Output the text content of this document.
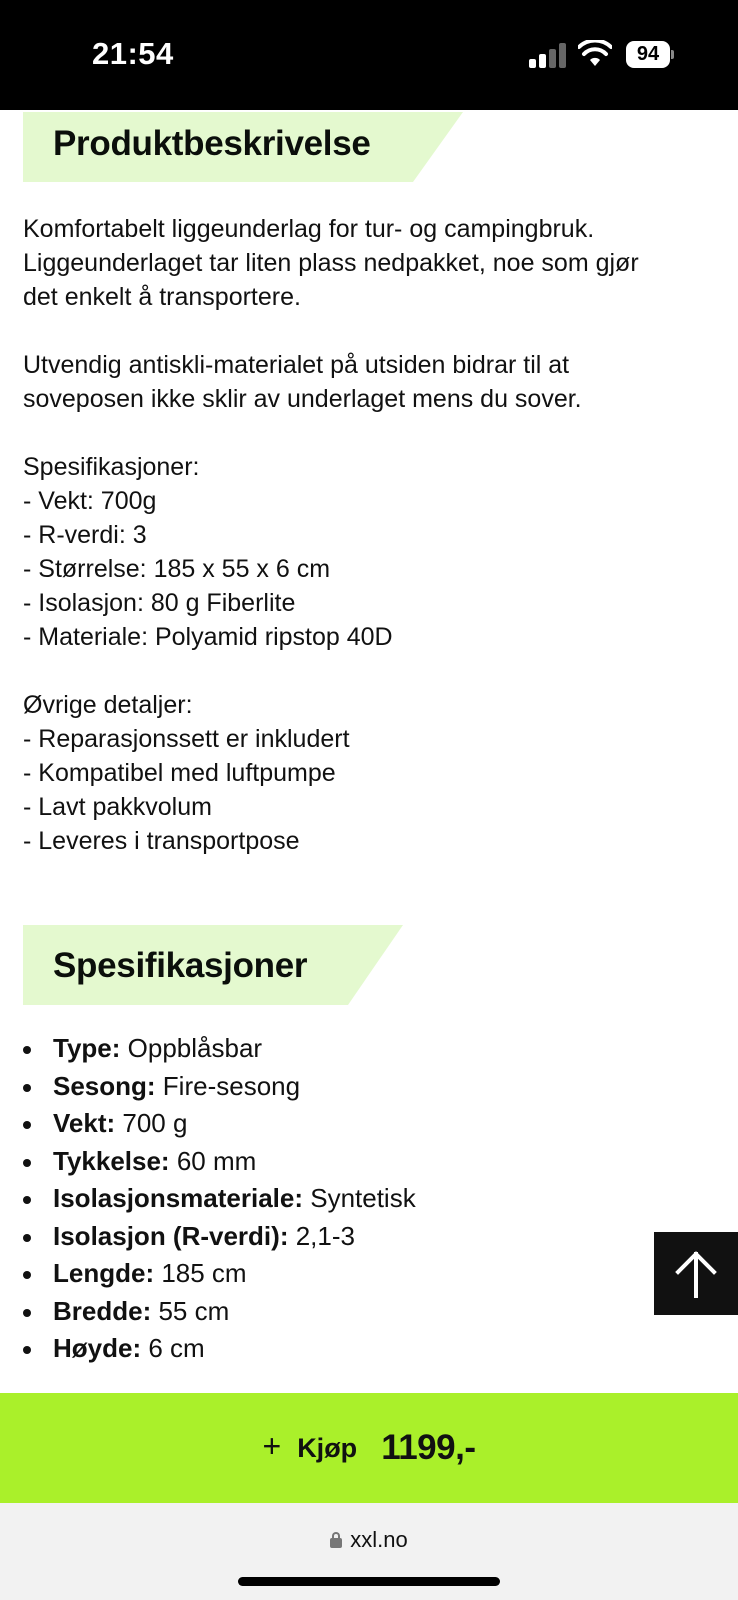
21:54	94
Produktbeskrivelse

Komfortabelt liggeunderlag for tur- og campingbruk.

Liggeunderlaget tar liten plass nedpakket, noe som gjør

det enkelt å transportere.

Utvendig antiskli-materialet på utsiden bidrar til at

soveposen ikke sklir av underlaget mens du sover.

Spesifikasjoner:

- Vekt: 700g

- R-verdi: 3

- Størrelse: 185 x 55 x 6 cm

- Isolasjon: 80 g Fiberlite

- Materiale: Polyamid ripstop 40D

Øvrige detaljer:

- Reparasjonssett er inkludert

- Kompatibel med luftpumpe

- Lavt pakkvolum

- Leveres i transportpose

Spesifikasjoner
Type: Oppblåsbar
Sesong: Fire-sesong
Vekt: 700 g
Tykkelse: 60 mm
Isolasjonsmateriale: Syntetisk
Isolasjon (R-verdi): 2,1-3
Lengde: 185 cm
Bredde: 55 cm
Høyde: 6 cm
+ Kjøp 1199,-
xxl.no
